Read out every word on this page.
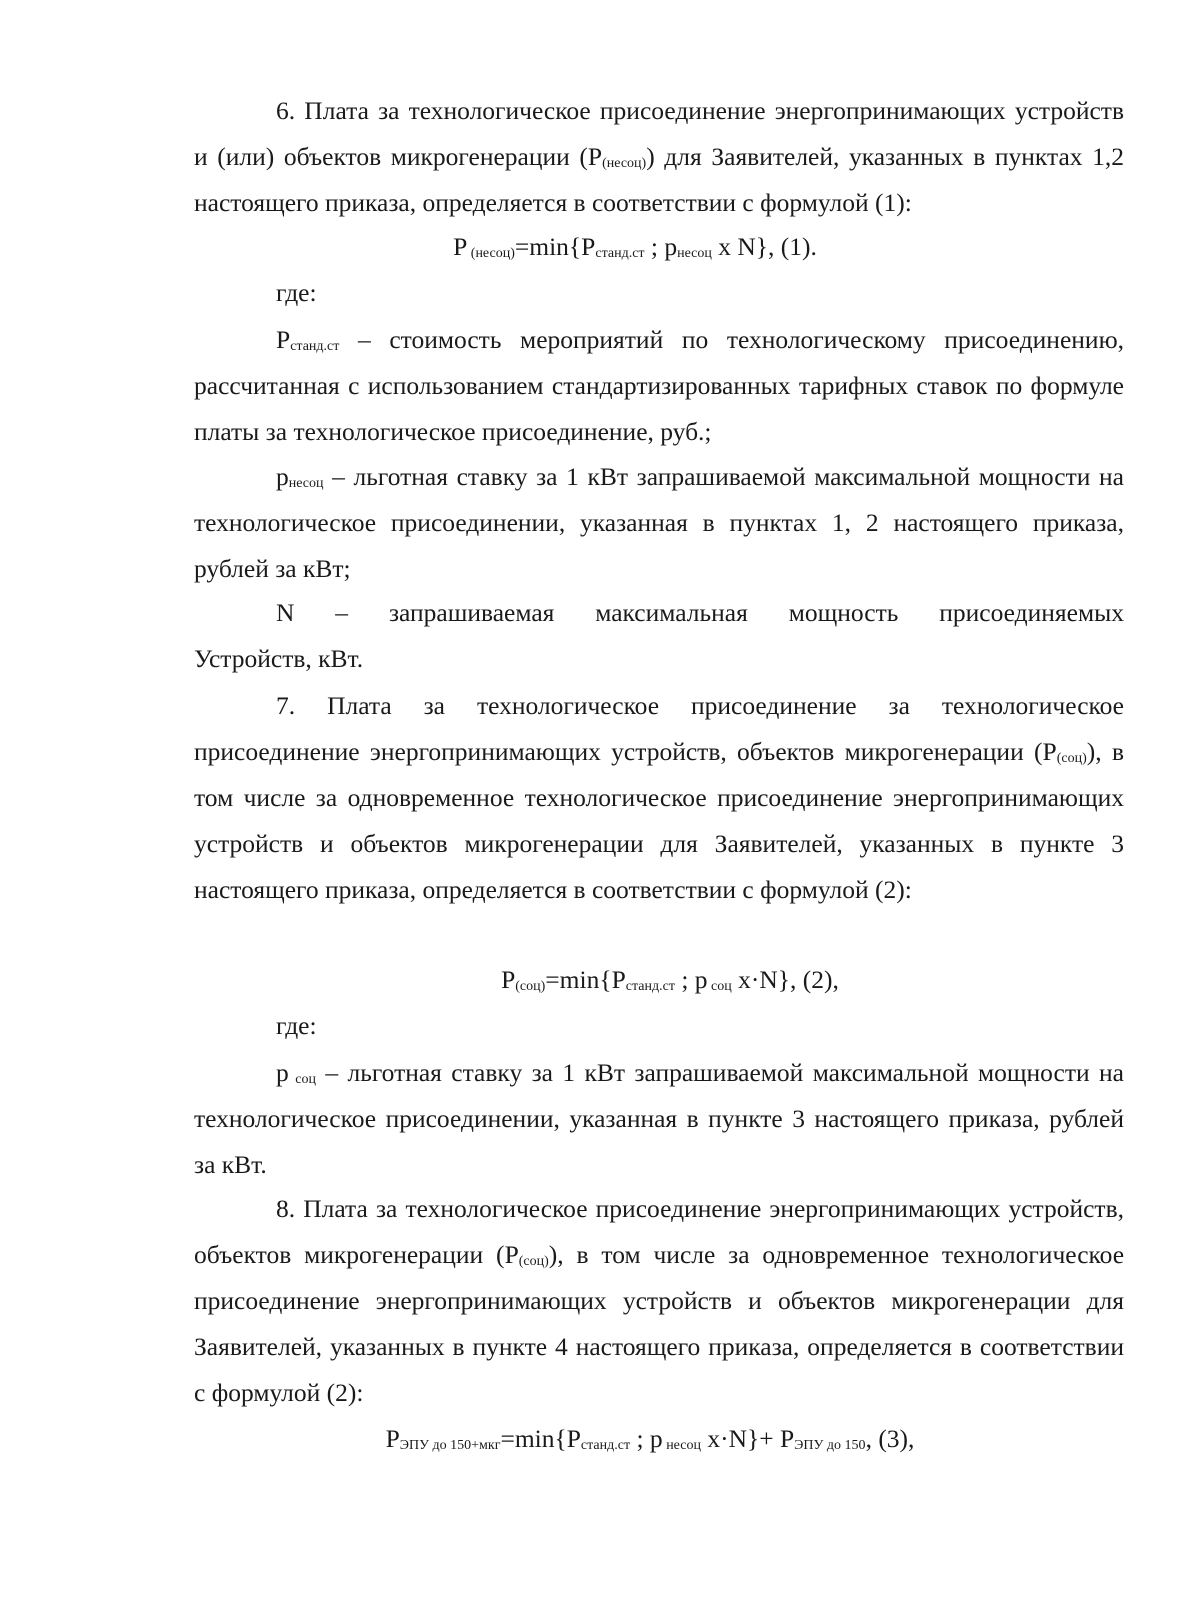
6. Плата за технологическое присоединение энергопринимающих устройств и (или) объектов микрогенерации $(Р_{(несоц)})$ для Заявителей, указанных в пунктах 1,2 настоящего приказа, определяется в соответствии с формулой (1):

Р $_{(несоц)}=\min\{Р_{станд.ст}$ ; $р_{несоц}$ х N}, (1).

где:

$Р_{станд.ст}$ – стоимость мероприятий по технологическому присоединению, рассчитанная с использованием стандартизированных тарифных ставок по формуле платы за технологическое присоединение, руб.;

$р_{несоц}$ – льготная ставку за 1 кВт запрашиваемой максимальной мощности на технологическое присоединении, указанная в пунктах 1, 2 настоящего приказа, рублей за кВт;

N – запрашиваемая максимальная мощность присоединяемых

Устройств, кВт.

7. Плата за технологическое присоединение за технологическое присоединение энергопринимающих устройств, объектов микрогенерации $(Р_{(соц)})$, в том числе за одновременное технологическое присоединение энергопринимающих устройств и объектов микрогенерации для Заявителей, указанных в пункте 3 настоящего приказа, определяется в соответствии с формулой (2):

$Р_{(соц)}=\min\{Р_{станд.ст}$ ; р $_{соц}$ х·N}, (2),

где:

р $_{соц}$ – льготная ставку за 1 кВт запрашиваемой максимальной мощности на технологическое присоединении, указанная в пункте 3 настоящего приказа, рублей за кВт.

8. Плата за технологическое присоединение энергопринимающих устройств, объектов микрогенерации $(Р_{(соц)})$, в том числе за одновременное технологическое присоединение энергопринимающих устройств и объектов микрогенерации для Заявителей, указанных в пункте 4 настоящего приказа, определяется в соответствии с формулой (2):

$Р_{ЭПУ до 150+мкг}=\min\{Р_{станд.ст}$ ; р $_{несоц}$ $х\cdot N\}+ Р_{ЭПУ до 150}$, (3),
